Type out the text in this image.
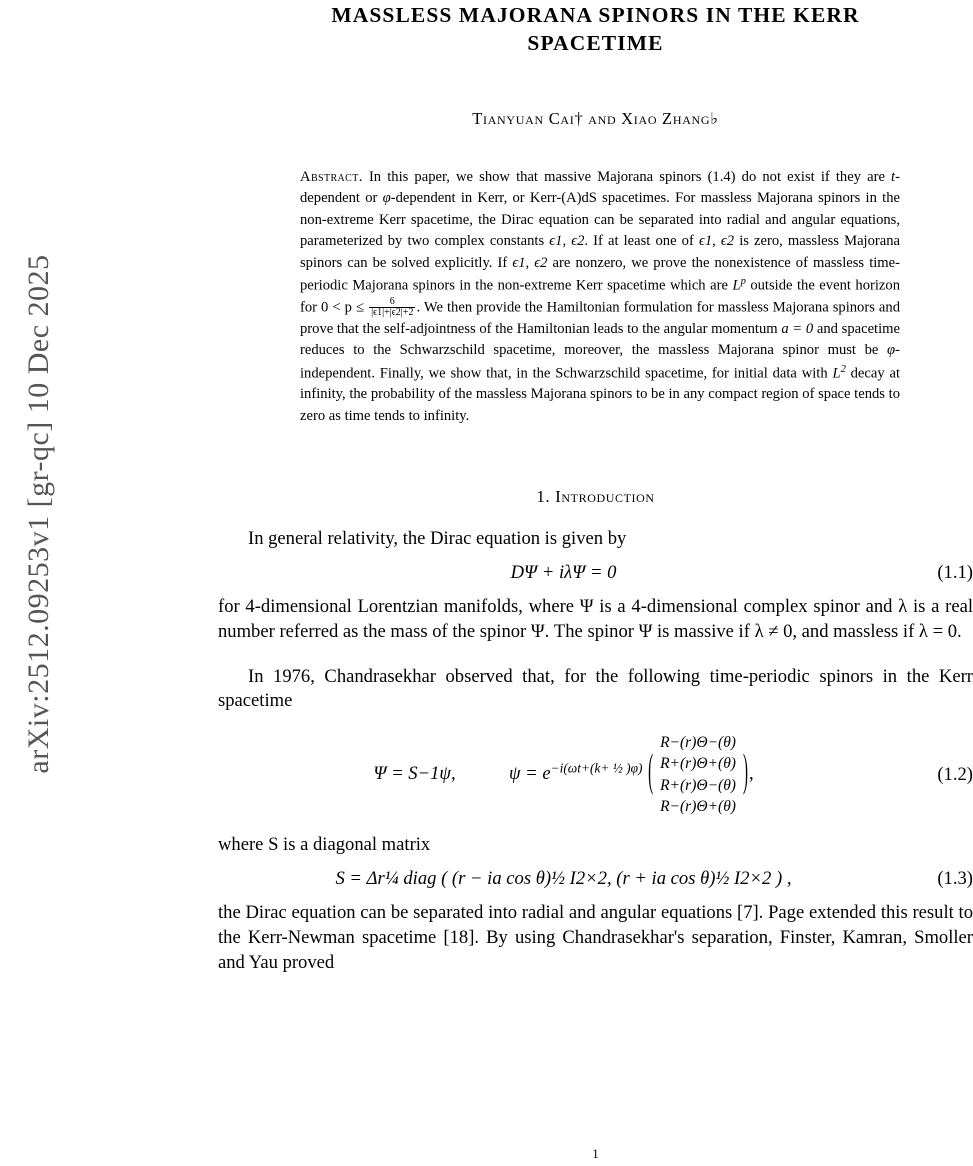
arXiv:2512.09253v1 [gr-qc] 10 Dec 2025
MASSLESS MAJORANA SPINORS IN THE KERR
SPACETIME
Tianyuan Cai† and Xiao Zhang♭
Abstract. In this paper, we show that massive Majorana spinors (1.4) do not exist if they are t-dependent or φ-dependent in Kerr, or Kerr-(A)dS spacetimes. For massless Majorana spinors in the non-extreme Kerr spacetime, the Dirac equation can be separated into radial and angular equations, parameterized by two complex constants ϵ1, ϵ2. If at least one of ϵ1, ϵ2 is zero, massless Majorana spinors can be solved explicitly. If ϵ1, ϵ2 are nonzero, we prove the nonexistence of massless time-periodic Majorana spinors in the non-extreme Kerr spacetime which are $L^p$ outside the event horizon for $0 < p \le \frac{6}{|\epsilon 1|+|\epsilon 2|+2}$ . We then provide the Hamiltonian formulation for massless Majorana spinors and prove that the self-adjointness of the Hamiltonian leads to the angular momentum a = 0 and spacetime reduces to the Schwarzschild spacetime, moreover, the massless Majorana spinor must be φ-independent. Finally, we show that, in the Schwarzschild spacetime, for initial data with $L^2$ decay at infinity, the probability of the massless Majorana spinors to be in any compact region of space tends to zero as time tends to infinity.
1. Introduction

In general relativity, the Dirac equation is given by

DΨ + iλΨ = 0	(1.1)

for 4-dimensional Lorentzian manifolds, where Ψ is a 4-dimensional complex spinor and λ is a real number referred as the mass of the spinor Ψ. The spinor Ψ is massive if λ ≠ 0, and massless if λ = 0.

In 1976, Chandrasekhar observed that, for the following time-periodic spinors in the Kerr spacetime

Ψ = S−1ψ,	$\psi = e^{-i(\omega t+(k+ \frac{1}{2} )\varphi)}$ (
R−(r)Θ−(θ)
R+(r)Θ+(θ)
R+(r)Θ−(θ)
R−(r)Θ+(θ)
) ,	(1.2)

where S is a diagonal matrix

S = Δr¼ diag ( (r − ia cos θ)½ I2×2, (r + ia cos θ)½ I2×2 ) ,	(1.3)

the Dirac equation can be separated into radial and angular equations [7]. Page extended this result to the Kerr-Newman spacetime [18]. By using Chandrasekhar's separation, Finster, Kamran, Smoller and Yau proved

1
